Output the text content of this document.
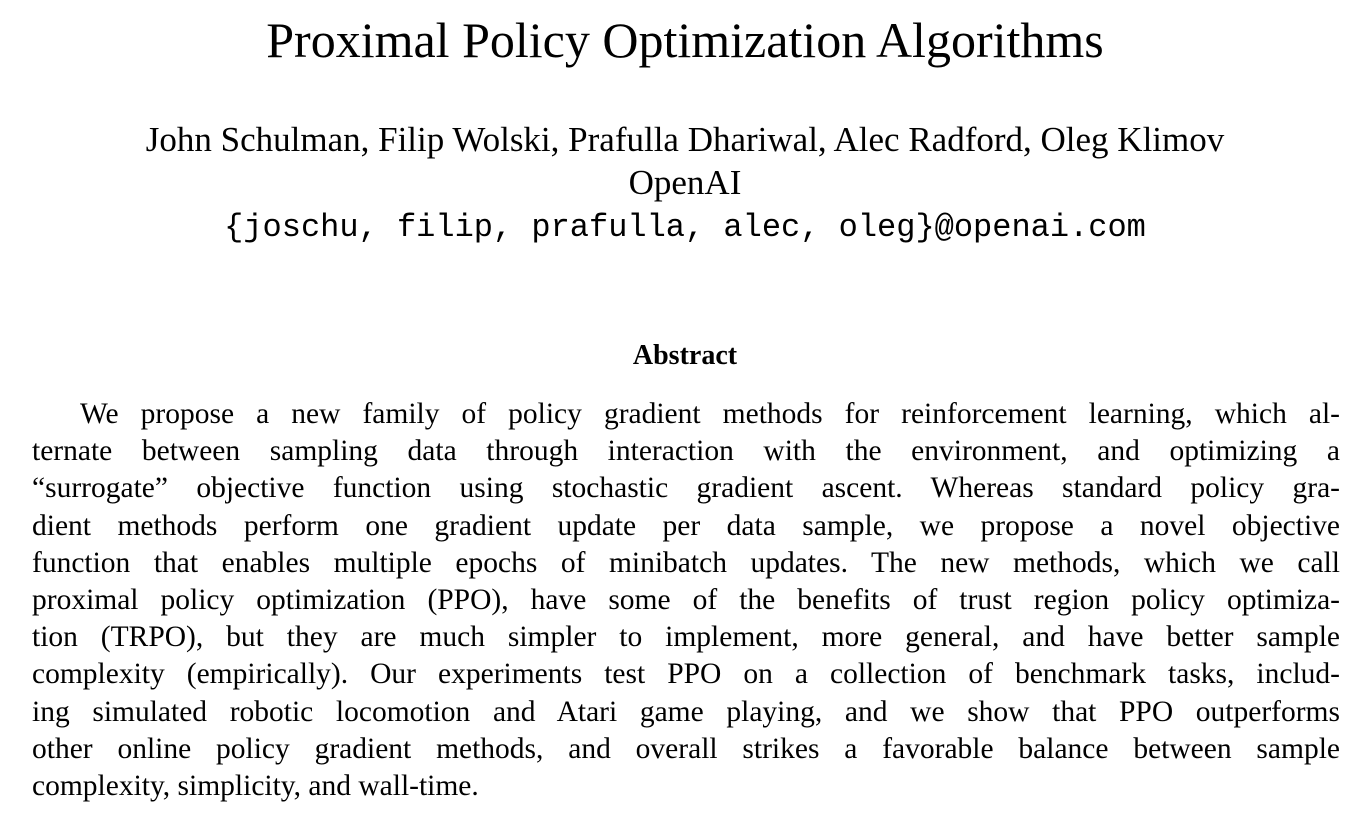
Proximal Policy Optimization Algorithms
John Schulman, Filip Wolski, Prafulla Dhariwal, Alec Radford, Oleg Klimov
OpenAI
{joschu, filip, prafulla, alec, oleg}@openai.com
Abstract
We propose a new family of policy gradient methods for reinforcement learning, which al-
ternate between sampling data through interaction with the environment, and optimizing a
“surrogate” objective function using stochastic gradient ascent. Whereas standard policy gra-
dient methods perform one gradient update per data sample, we propose a novel objective
function that enables multiple epochs of minibatch updates. The new methods, which we call
proximal policy optimization (PPO), have some of the benefits of trust region policy optimiza-
tion (TRPO), but they are much simpler to implement, more general, and have better sample
complexity (empirically). Our experiments test PPO on a collection of benchmark tasks, includ-
ing simulated robotic locomotion and Atari game playing, and we show that PPO outperforms
other online policy gradient methods, and overall strikes a favorable balance between sample
complexity, simplicity, and wall-time.
